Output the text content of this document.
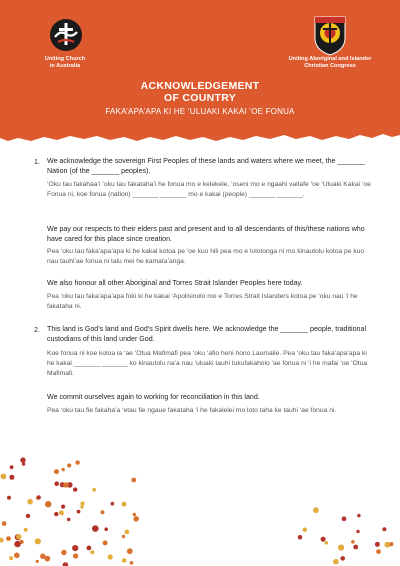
Uniting Church
in Australia
Uniting Aboriginal and Islander
Christian Congress
ACKNOWLEDGEMENT
OF COUNTRY
FAKA’APA’APA KI HE ‘ULUAKI KAKAI ‘OE FONUA
1. We acknowledge the sovereign First Peoples of these lands and waters where we meet, the _______ Nation (of the _______ peoples).
‘Oku tau fakahaa’i ‘oku tau fakataha’i he fonua mo e kelekele, ‘oseni mo e ngaahi vaitafe ‘oe ‘Uluaki Kakai ‘oe Fonua ni, koe fonua (nation) _______ _______ mo e kakai (people) _______ _______.
We pay our respects to their elders past and present and to all descendants of this/these nations who have cared for this place since creation.
Pea ‘oku tau faka’apa’apa ki he kakai kotoa pe ‘oe kuo hili pea mo e lolotonga ni mo kinautolu kotoa pe kuo nau tauhi’ae fonua ni talu mei he kamata’anga.
We also honour all other Aboriginal and Torres Strait Islander Peoples here today.
Pea ‘oku tau faka’apa’apa foki ki he kakai ‘Apolisinolo mo e Torres Strait Islanders kotoa pe ‘oku nau ‘i he fakataha ni.
2. This land is God’s land and God’s Spirit dwells here. We acknowledge the _______ people, traditional custodians of this land under God.
Koe fonua ni koe koloa ia ‘ae ‘Otua Mafimafi pea ‘oku ‘afio heni hono Laumalie. Pea ‘oku tau faka’apa’apa ki he kakai _______ _______ ko kinautolu na’a nau ‘uluaki tauhi tukufakaholo ‘ae fonua ni ‘i he mafai ‘oe ‘Otua Mafimafi.
We commit ourselves again to working for reconciliation in this land.
Pea ‘oku tau fie fakaha’a ‘etau fie ngaue fakataha ‘i he fakalelei mo loto taha ke tauhi ‘ae fonua ni.
